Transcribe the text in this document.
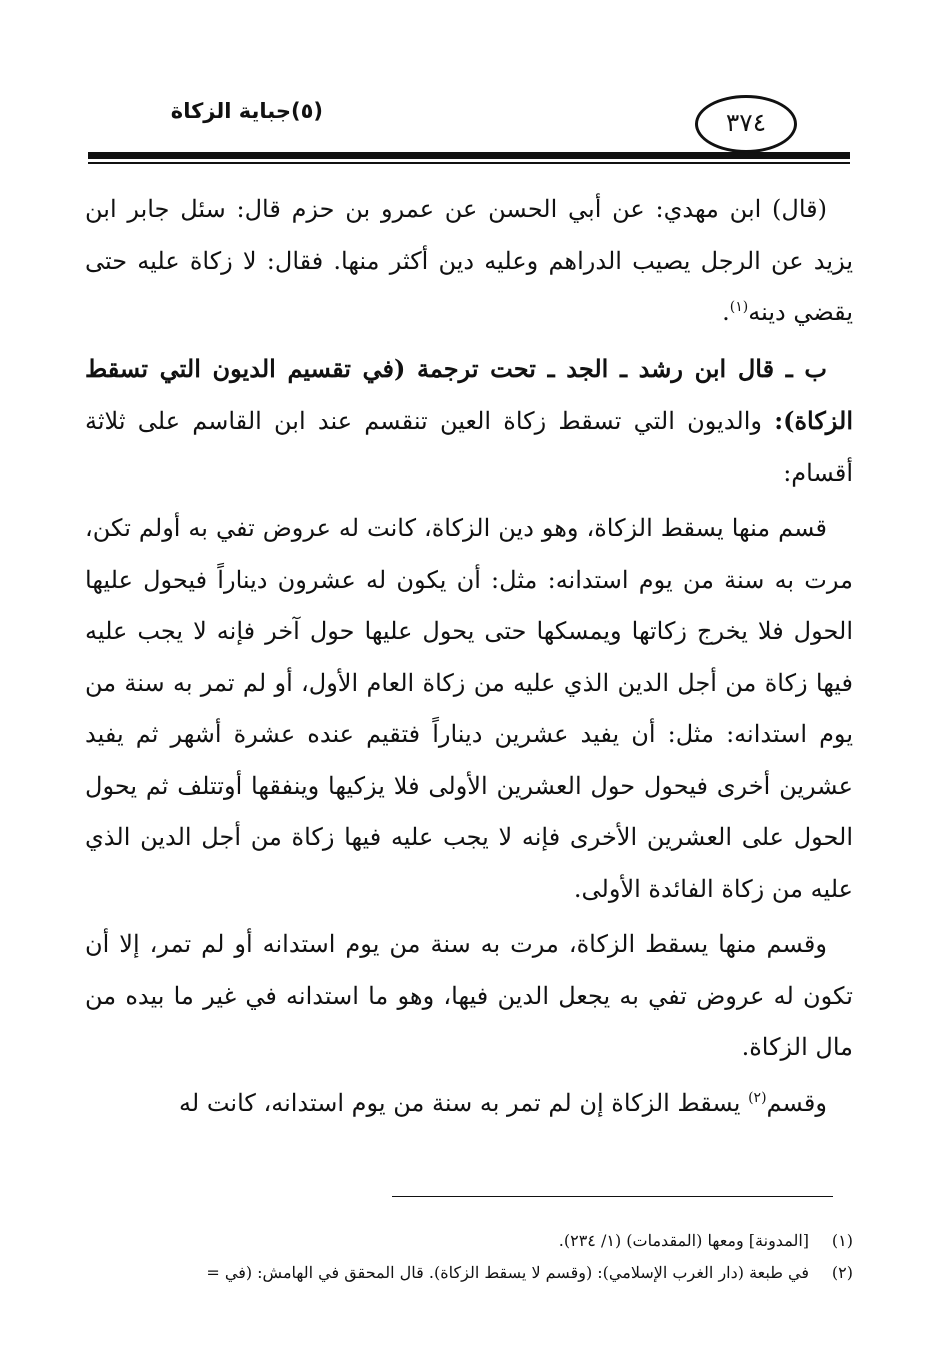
(٥)جباية الزكاة	٣٧٤

(قال) ابن مهدي: عن أبي الحسن عن عمرو بن حزم قال: سئل جابر ابن يزيد عن الرجل يصيب الدراهم وعليه دين أكثر منها. فقال: لا زكاة عليه حتى يقضي دينه$^{(١)}$.

ب ـ قال ابن رشد ـ الجد ـ تحت ترجمة (في تقسيم الديون التي تسقط الزكاة): والديون التي تسقط زكاة العين تنقسم عند ابن القاسم على ثلاثة أقسام:

قسم منها يسقط الزكاة، وهو دين الزكاة، كانت له عروض تفي به أولم تكن، مرت به سنة من يوم استدانه: مثل: أن يكون له عشرون ديناراً فيحول عليها الحول فلا يخرج زكاتها ويمسكها حتى يحول عليها حول آخر فإنه لا يجب عليه فيها زكاة من أجل الدين الذي عليه من زكاة العام الأول، أو لم تمر به سنة من يوم استدانه: مثل: أن يفيد عشرين ديناراً فتقيم عنده عشرة أشهر ثم يفيد عشرين أخرى فيحول حول العشرين الأولى فلا يزكيها وينفقها أوتتلف ثم يحول الحول على العشرين الأخرى فإنه لا يجب عليه فيها زكاة من أجل الدين الذي عليه من زكاة الفائدة الأولى.

وقسم منها يسقط الزكاة، مرت به سنة من يوم استدانه أو لم تمر، إلا أن تكون له عروض تفي به يجعل الدين فيها، وهو ما استدانه في غير ما بيده من مال الزكاة.

وقسم$^{(٢)}$ يسقط الزكاة إن لم تمر به سنة من يوم استدانه، كانت له

(١)
[المدونة] ومعها (المقدمات) (١/ ٢٣٤).
(٢)
في طبعة (دار الغرب الإسلامي): (وقسم لا يسقط الزكاة). قال المحقق في الهامش: (في =
